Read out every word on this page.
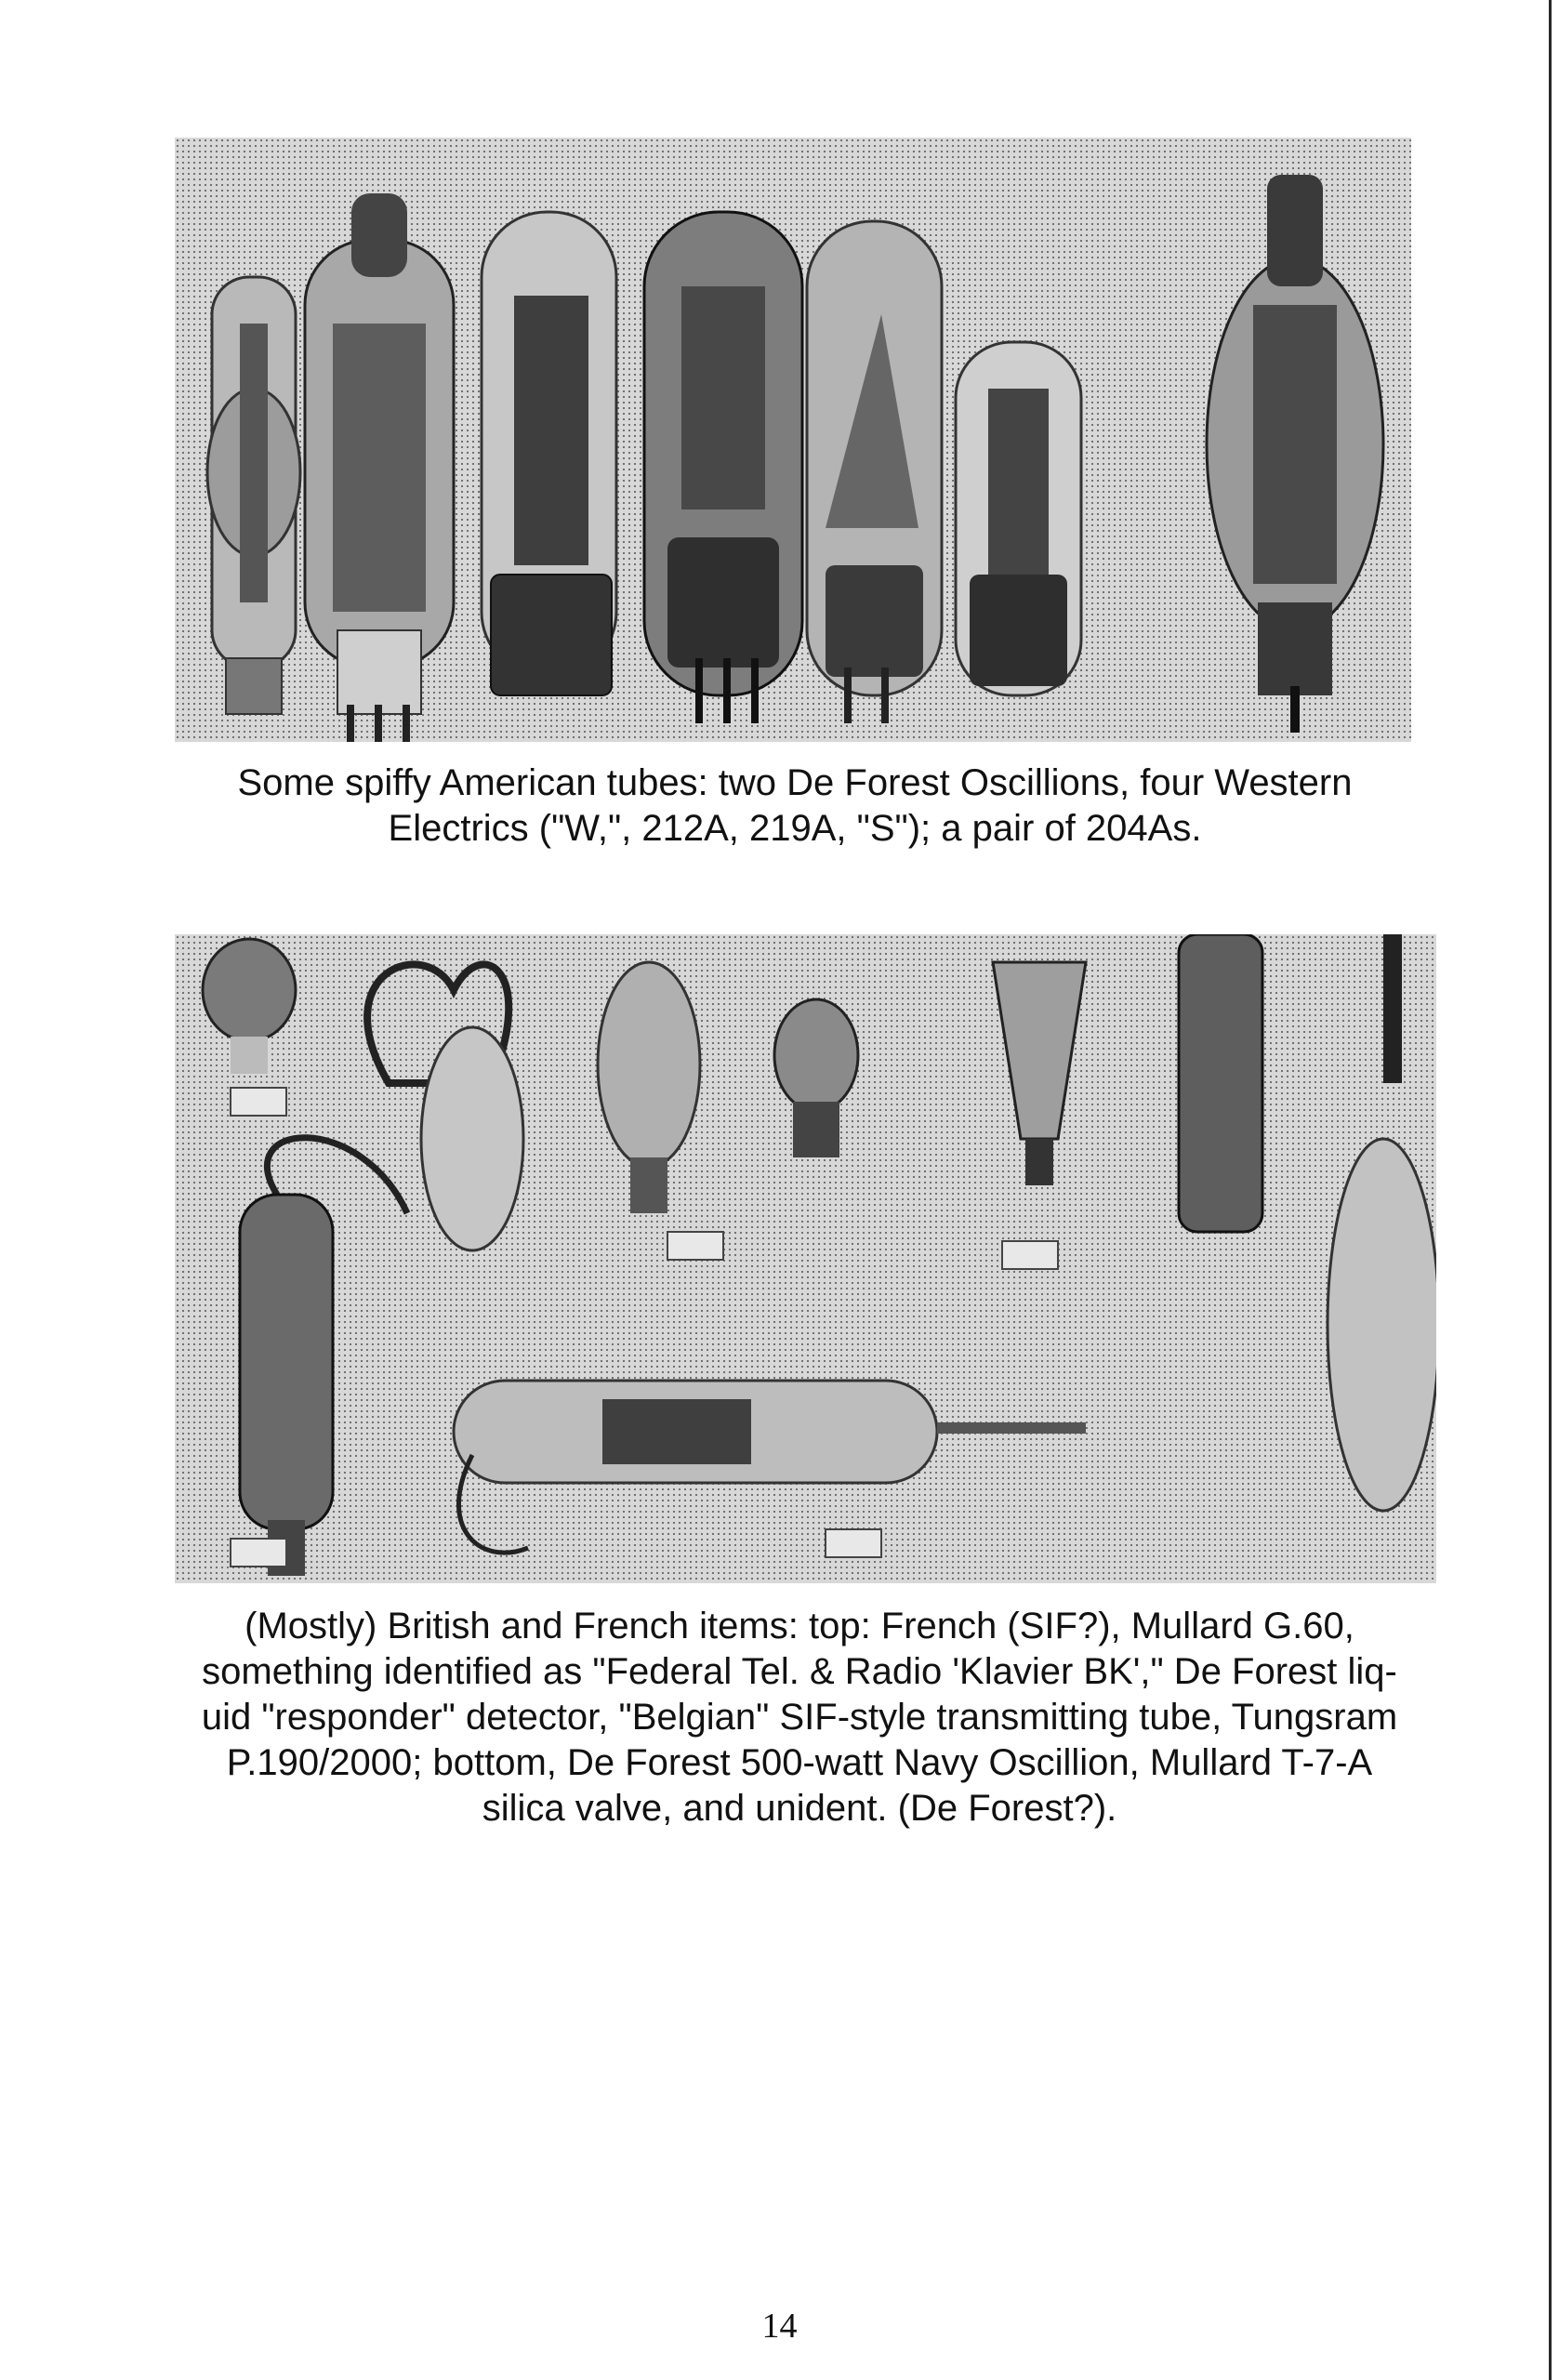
Some spiffy American tubes: two De Forest Oscillions, four Western
Electrics ("W,", 212A, 219A, "S"); a pair of 204As.
(Mostly) British and French items: top: French (SIF?), Mullard G.60,
something identified as "Federal Tel. & Radio 'Klavier BK'," De Forest liq-
uid "responder" detector, "Belgian" SIF-style transmitting tube, Tungsram
P.190/2000; bottom, De Forest 500-watt Navy Oscillion, Mullard T-7-A
silica valve, and unident. (De Forest?).
14
